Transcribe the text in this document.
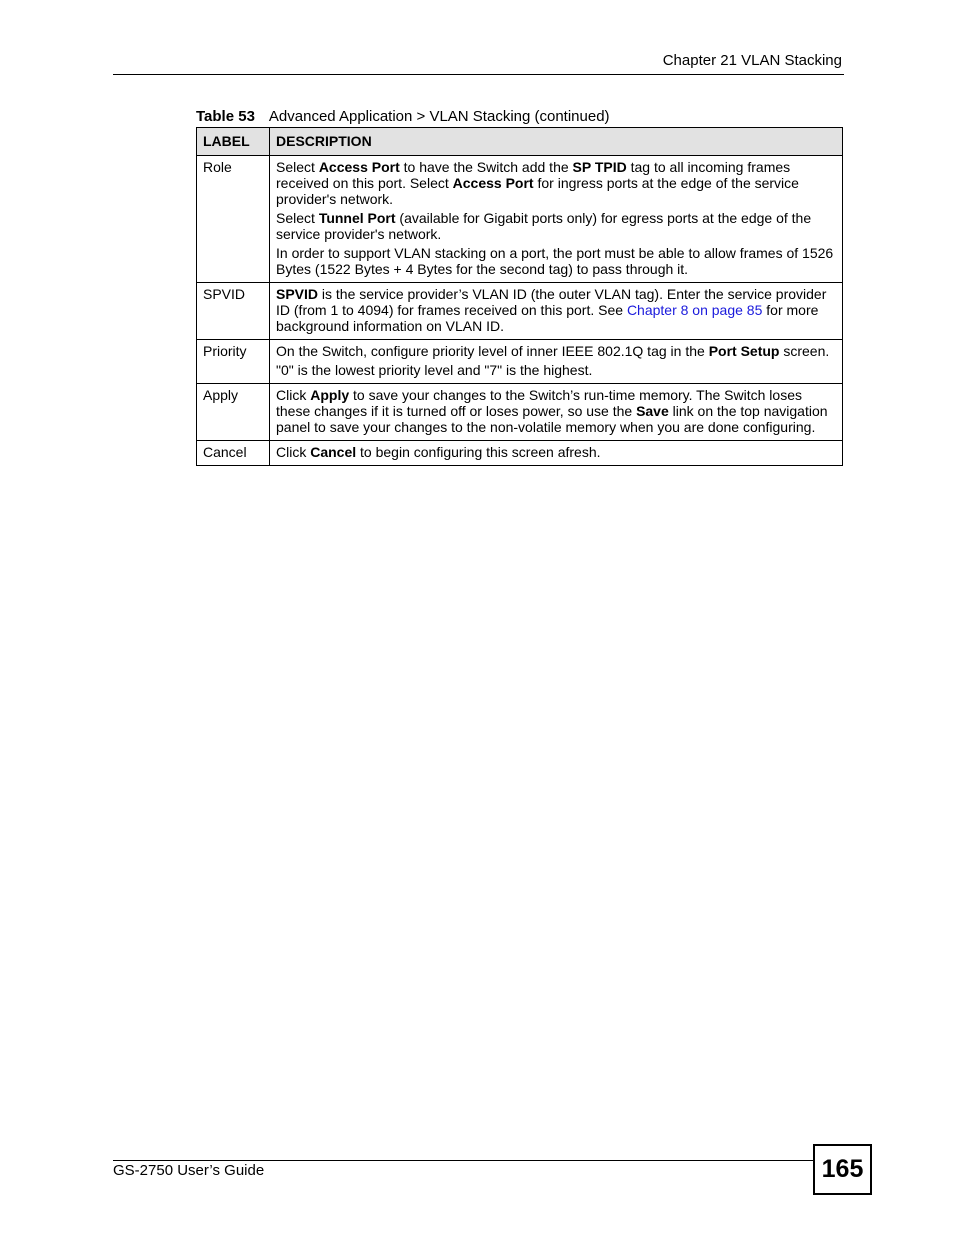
Chapter 21 VLAN Stacking
Table 53 Advanced Application > VLAN Stacking (continued)
LABEL	DESCRIPTION
Role	Select Access Port to have the Switch add the SP TPID tag to all incoming frames received on this port. Select Access Port for ingress ports at the edge of the service provider's network.

Select Tunnel Port (available for Gigabit ports only) for egress ports at the edge of the service provider's network.

In order to support VLAN stacking on a port, the port must be able to allow frames of 1526 Bytes (1522 Bytes + 4 Bytes for the second tag) to pass through it.

SPVID	SPVID is the service provider’s VLAN ID (the outer VLAN tag). Enter the service provider ID (from 1 to 4094) for frames received on this port. See Chapter 8 on page 85 for more background information on VLAN ID.

Priority	On the Switch, configure priority level of inner IEEE 802.1Q tag in the Port Setup screen.

"0" is the lowest priority level and "7" is the highest.

Apply	Click Apply to save your changes to the Switch’s run-time memory. The Switch loses these changes if it is turned off or loses power, so use the Save link on the top navigation panel to save your changes to the non-volatile memory when you are done configuring.

Cancel	Click Cancel to begin configuring this screen afresh.

GS-2750 User’s Guide	165
